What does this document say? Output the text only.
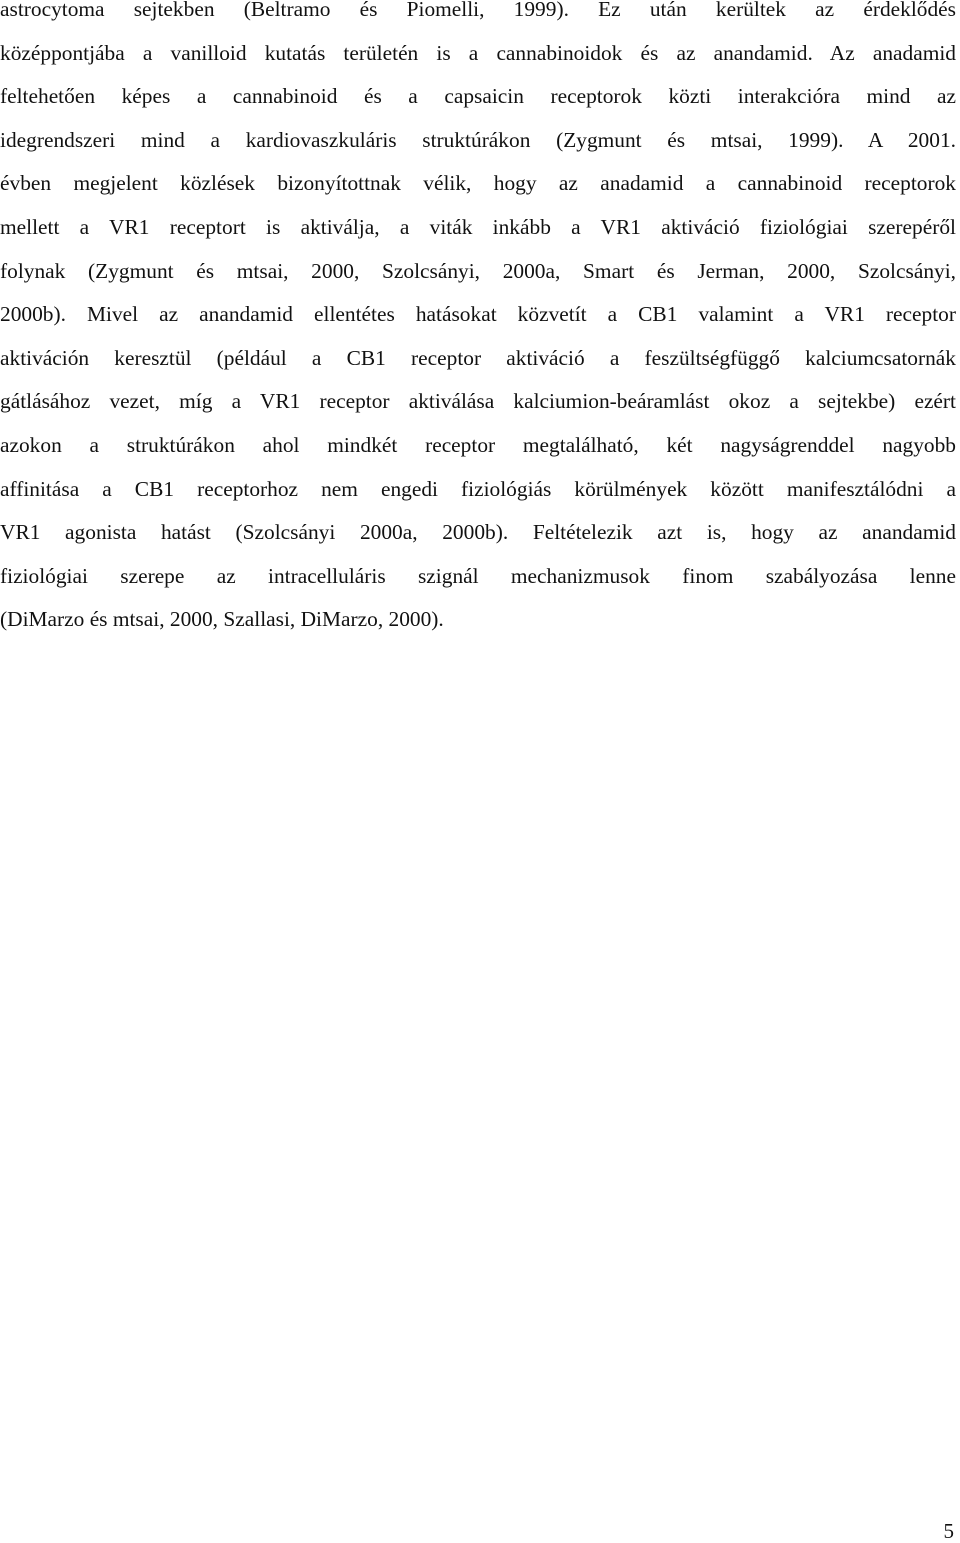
astrocytoma sejtekben (Beltramo és Piomelli, 1999). Ez után kerültek az érdeklődés
középpontjába a vanilloid kutatás területén is a cannabinoidok és az anandamid. Az anadamid
feltehetően képes a cannabinoid és a capsaicin receptorok közti interakcióra mind az
idegrendszeri mind a kardiovaszkuláris struktúrákon (Zygmunt és mtsai, 1999). A 2001.
évben megjelent közlések bizonyítottnak vélik, hogy az anadamid a cannabinoid receptorok
mellett a VR1 receptort is aktiválja, a viták inkább a VR1 aktiváció fiziológiai szerepéről
folynak (Zygmunt és mtsai, 2000, Szolcsányi, 2000a, Smart és Jerman, 2000, Szolcsányi,
2000b). Mivel az anandamid ellentétes hatásokat közvetít a CB1 valamint a VR1 receptor
aktiváción keresztül (például a CB1 receptor aktiváció a feszültségfüggő kalciumcsatornák
gátlásához vezet, míg a VR1 receptor aktiválása kalciumion-beáramlást okoz a sejtekbe) ezért
azokon a struktúrákon ahol mindkét receptor megtalálható, két nagyságrenddel nagyobb
affinitása a CB1 receptorhoz nem engedi fiziológiás körülmények között manifesztálódni a
VR1 agonista hatást (Szolcsányi 2000a, 2000b). Feltételezik azt is, hogy az anandamid
fiziológiai szerepe az intracelluláris szignál mechanizmusok finom szabályozása lenne
(DiMarzo és mtsai, 2000, Szallasi, DiMarzo, 2000).
5
